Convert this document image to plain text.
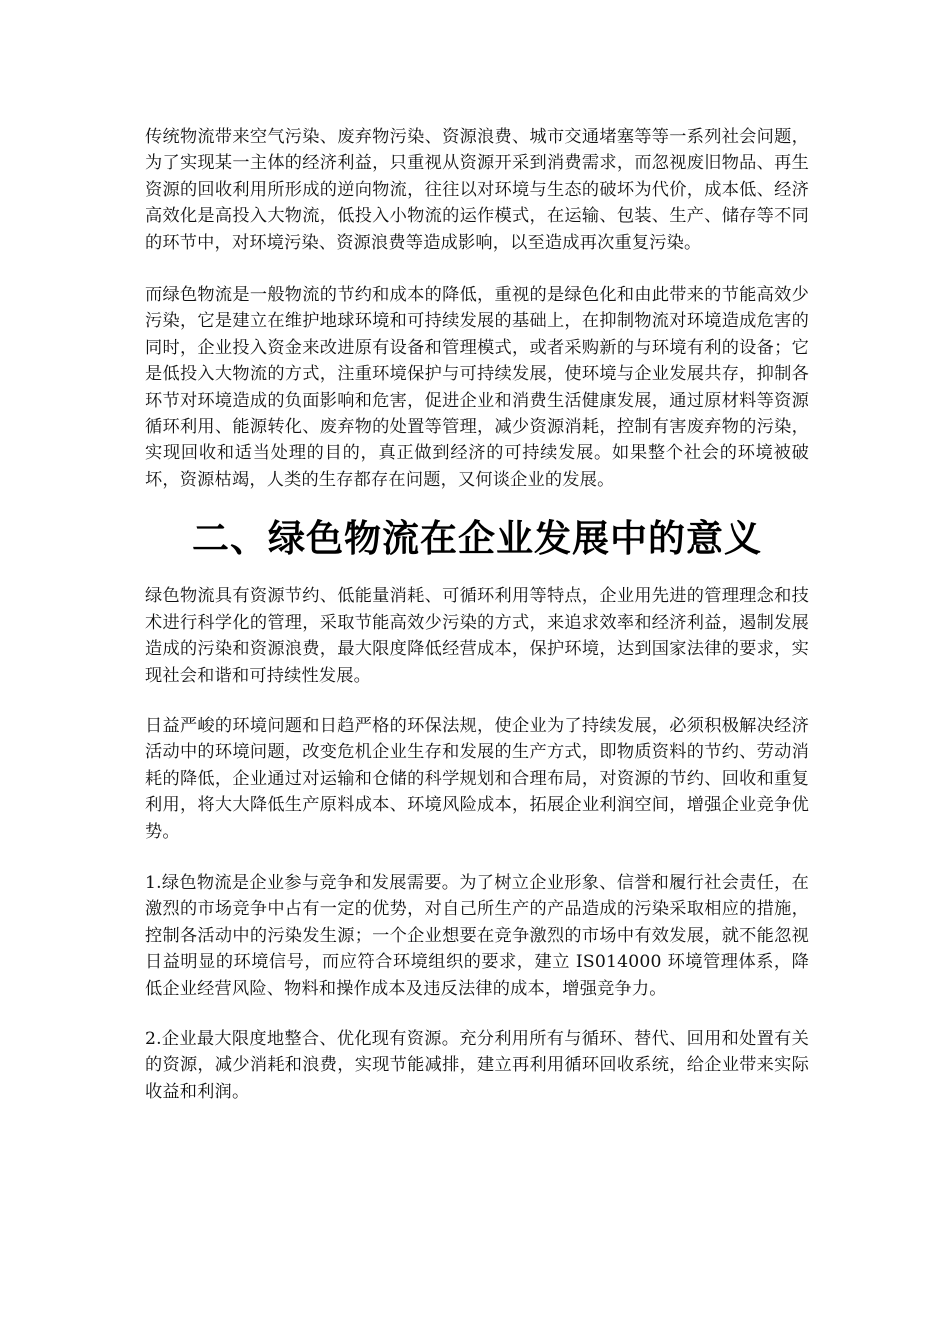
传统物流带来空气污染、废弃物污染、资源浪费、城市交通堵塞等等一系列社会问题，为了实现某一主体的经济利益，只重视从资源开采到消费需求，而忽视废旧物品、再生资源的回收利用所形成的逆向物流，往往以对环境与生态的破坏为代价，成本低、经济高效化是高投入大物流，低投入小物流的运作模式，在运输、包装、生产、储存等不同的环节中，对环境污染、资源浪费等造成影响，以至造成再次重复污染。

而绿色物流是一般物流的节约和成本的降低，重视的是绿色化和由此带来的节能高效少污染，它是建立在维护地球环境和可持续发展的基础上，在抑制物流对环境造成危害的同时，企业投入资金来改进原有设备和管理模式，或者采购新的与环境有利的设备；它是低投入大物流的方式，注重环境保护与可持续发展，使环境与企业发展共存，抑制各环节对环境造成的负面影响和危害，促进企业和消费生活健康发展，通过原材料等资源循环利用、能源转化、废弃物的处置等管理，减少资源消耗，控制有害废弃物的污染，实现回收和适当处理的目的，真正做到经济的可持续发展。如果整个社会的环境被破坏，资源枯竭，人类的生存都存在问题，又何谈企业的发展。

二、绿色物流在企业发展中的意义

绿色物流具有资源节约、低能量消耗、可循环利用等特点，企业用先进的管理理念和技术进行科学化的管理，采取节能高效少污染的方式，来追求效率和经济利益，遏制发展造成的污染和资源浪费，最大限度降低经营成本，保护环境，达到国家法律的要求，实现社会和谐和可持续性发展。

日益严峻的环境问题和日趋严格的环保法规，使企业为了持续发展，必须积极解决经济活动中的环境问题，改变危机企业生存和发展的生产方式，即物质资料的节约、劳动消耗的降低，企业通过对运输和仓储的科学规划和合理布局，对资源的节约、回收和重复利用，将大大降低生产原料成本、环境风险成本，拓展企业利润空间，增强企业竞争优势。

1.绿色物流是企业参与竞争和发展需要。为了树立企业形象、信誉和履行社会责任，在激烈的市场竞争中占有一定的优势，对自己所生产的产品造成的污染采取相应的措施，控制各活动中的污染发生源；一个企业想要在竞争激烈的市场中有效发展，就不能忽视日益明显的环境信号，而应符合环境组织的要求，建立 IS014000 环境管理体系，降低企业经营风险、物料和操作成本及违反法律的成本，增强竞争力。

2.企业最大限度地整合、优化现有资源。充分利用所有与循环、替代、回用和处置有关的资源，减少消耗和浪费，实现节能减排，建立再利用循环回收系统，给企业带来实际收益和利润。
